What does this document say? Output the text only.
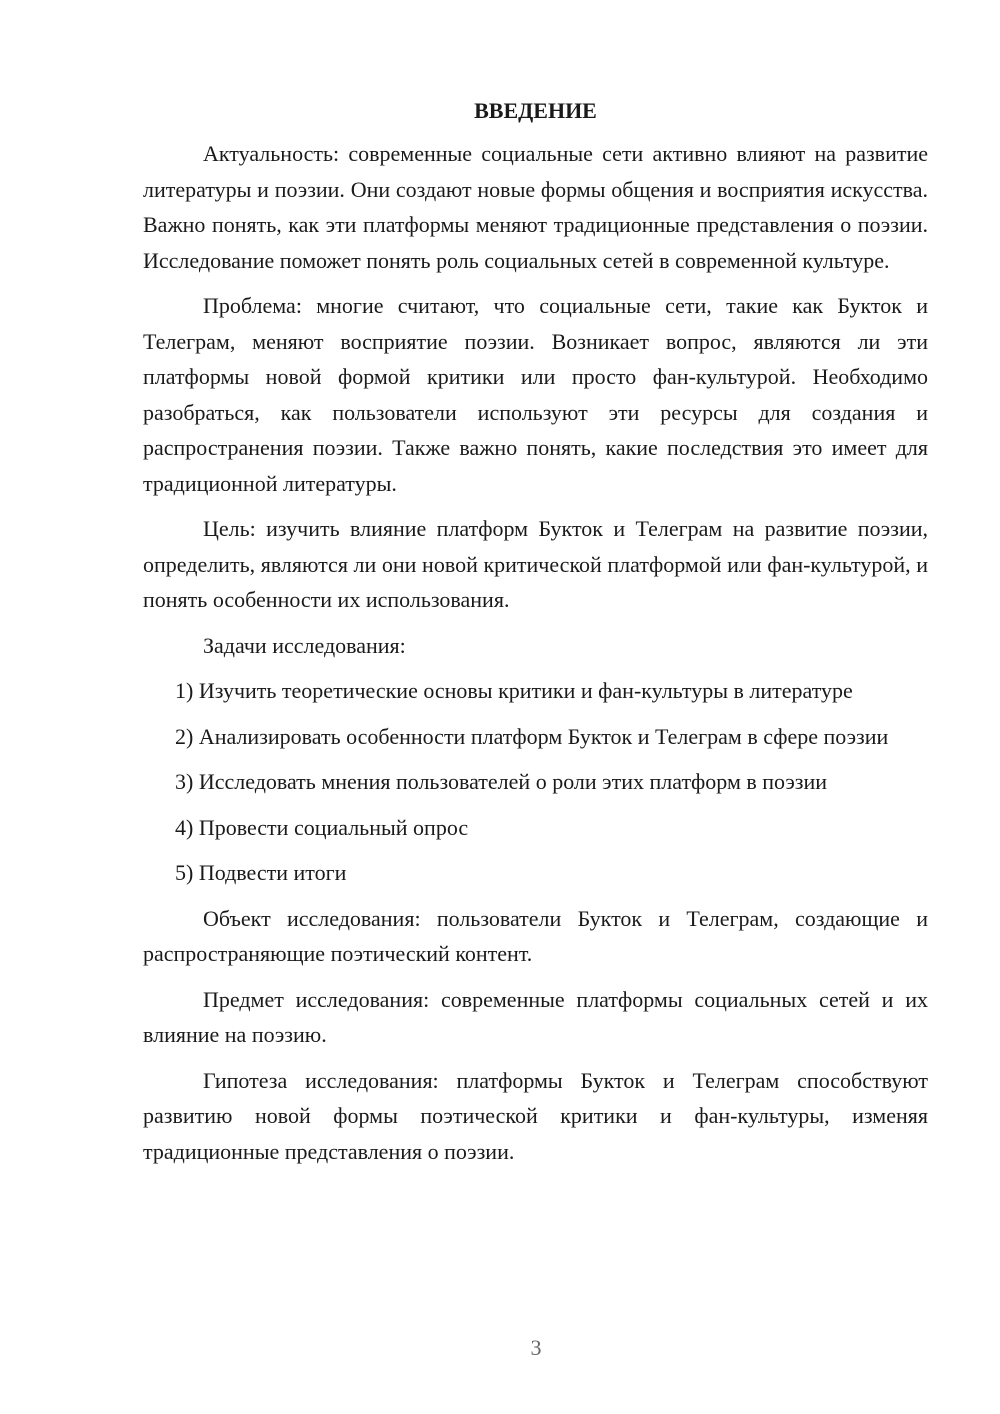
ВВЕДЕНИЕ

Актуальность: современные социальные сети активно влияют на развитие литературы и поэзии. Они создают новые формы общения и восприятия искусства. Важно понять, как эти платформы меняют традиционные представления о поэзии. Исследование поможет понять роль социальных сетей в современной культуре.

Проблема: многие считают, что социальные сети, такие как Букток и Телеграм, меняют восприятие поэзии. Возникает вопрос, являются ли эти платформы новой формой критики или просто фан-культурой. Необходимо разобраться, как пользователи используют эти ресурсы для создания и распространения поэзии. Также важно понять, какие последствия это имеет для традиционной литературы.

Цель: изучить влияние платформ Букток и Телеграм на развитие поэзии, определить, являются ли они новой критической платформой или фан-культурой, и понять особенности их использования.

Задачи исследования:

1) Изучить теоретические основы критики и фан-культуры в литературе

2) Анализировать особенности платформ Букток и Телеграм в сфере поэзии

3) Исследовать мнения пользователей о роли этих платформ в поэзии

4) Провести социальный опрос

5) Подвести итоги

Объект исследования: пользователи Букток и Телеграм, создающие и распространяющие поэтический контент.

Предмет исследования: современные платформы социальных сетей и их влияние на поэзию.

Гипотеза исследования: платформы Букток и Телеграм способствуют развитию новой формы поэтической критики и фан-культуры, изменяя традиционные представления о поэзии.

3
